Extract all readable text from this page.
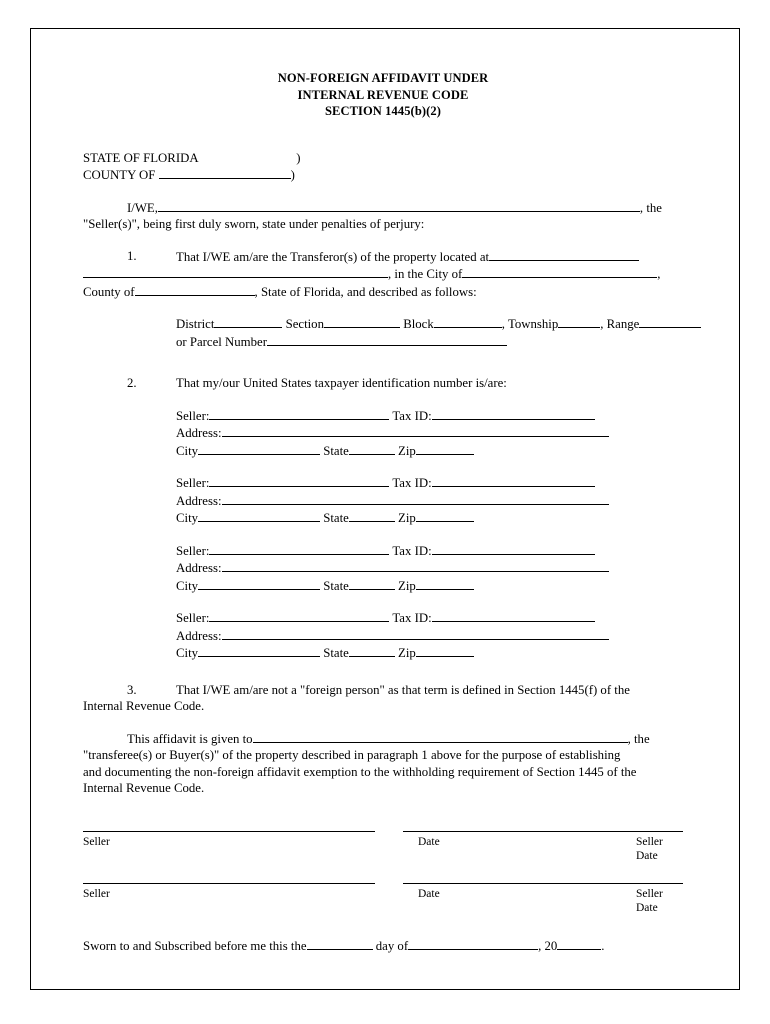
NON-FOREIGN AFFIDAVIT UNDER
INTERNAL REVENUE CODE
SECTION 1445(b)(2)
STATE OF FLORIDA	)
COUNTY OF	)
I/WE,	, the
"Seller(s)", being first duly sworn, state under penalties of perjury:
1.	That I/WE am/are the Transferor(s) of the property located at
, in the City of	,
County of	, State of Florida, and described as follows:
District	Section	Block	, Township	, Range
or Parcel Number
2.	That my/our United States taxpayer identification number is/are:
Seller:	Tax ID:
Address:
City	State	Zip
Seller:	Tax ID:
Address:
City	State	Zip
Seller:	Tax ID:
Address:
City	State	Zip
Seller:	Tax ID:
Address:
City	State	Zip
3.	That I/WE am/are not a "foreign person" as that term is defined in Section 1445(f) of the
Internal Revenue Code.
This affidavit is given to	, the
"transferee(s) or Buyer(s)" of the property described in paragraph 1 above for the purpose of establishing
and documenting the non-foreign affidavit exemption to the withholding requirement of Section 1445 of the
Internal Revenue Code.
Seller	Date	Seller
Date
Seller	Date	Seller
Date
Sworn to and Subscribed before me this the	day of	, 20	.
